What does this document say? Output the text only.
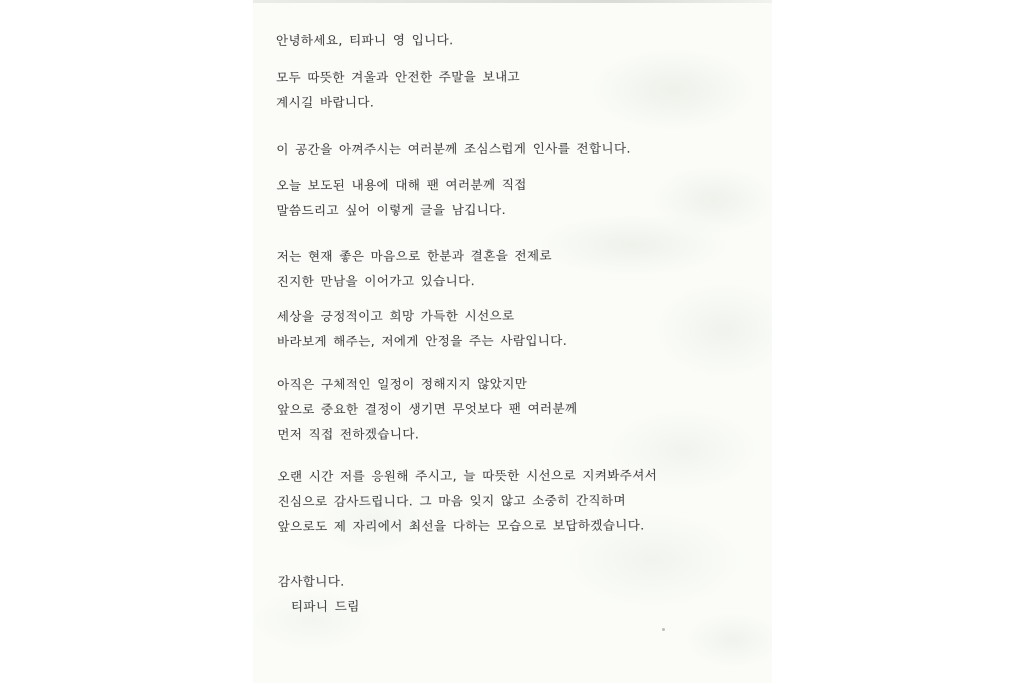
안녕하세요, 티파니 영 입니다.
모두 따뜻한 겨울과 안전한 주말을 보내고
계시길 바랍니다.
이 공간을 아껴주시는 여러분께 조심스럽게 인사를 전합니다.
오늘 보도된 내용에 대해 팬 여러분께 직접
말씀드리고 싶어 이렇게 글을 남깁니다.
저는 현재 좋은 마음으로 한분과 결혼을 전제로
진지한 만남을 이어가고 있습니다.
세상을 긍정적이고 희망 가득한 시선으로
바라보게 해주는, 저에게 안정을 주는 사람입니다.
아직은 구체적인 일정이 정해지지 않았지만
앞으로 중요한 결정이 생기면 무엇보다 팬 여러분께
먼저 직접 전하겠습니다.
오랜 시간 저를 응원해 주시고, 늘 따뜻한 시선으로 지켜봐주셔서
진심으로 감사드립니다. 그 마음 잊지 않고 소중히 간직하며
앞으로도 제 자리에서 최선을 다하는 모습으로 보답하겠습니다.
감사합니다.
티파니 드림
